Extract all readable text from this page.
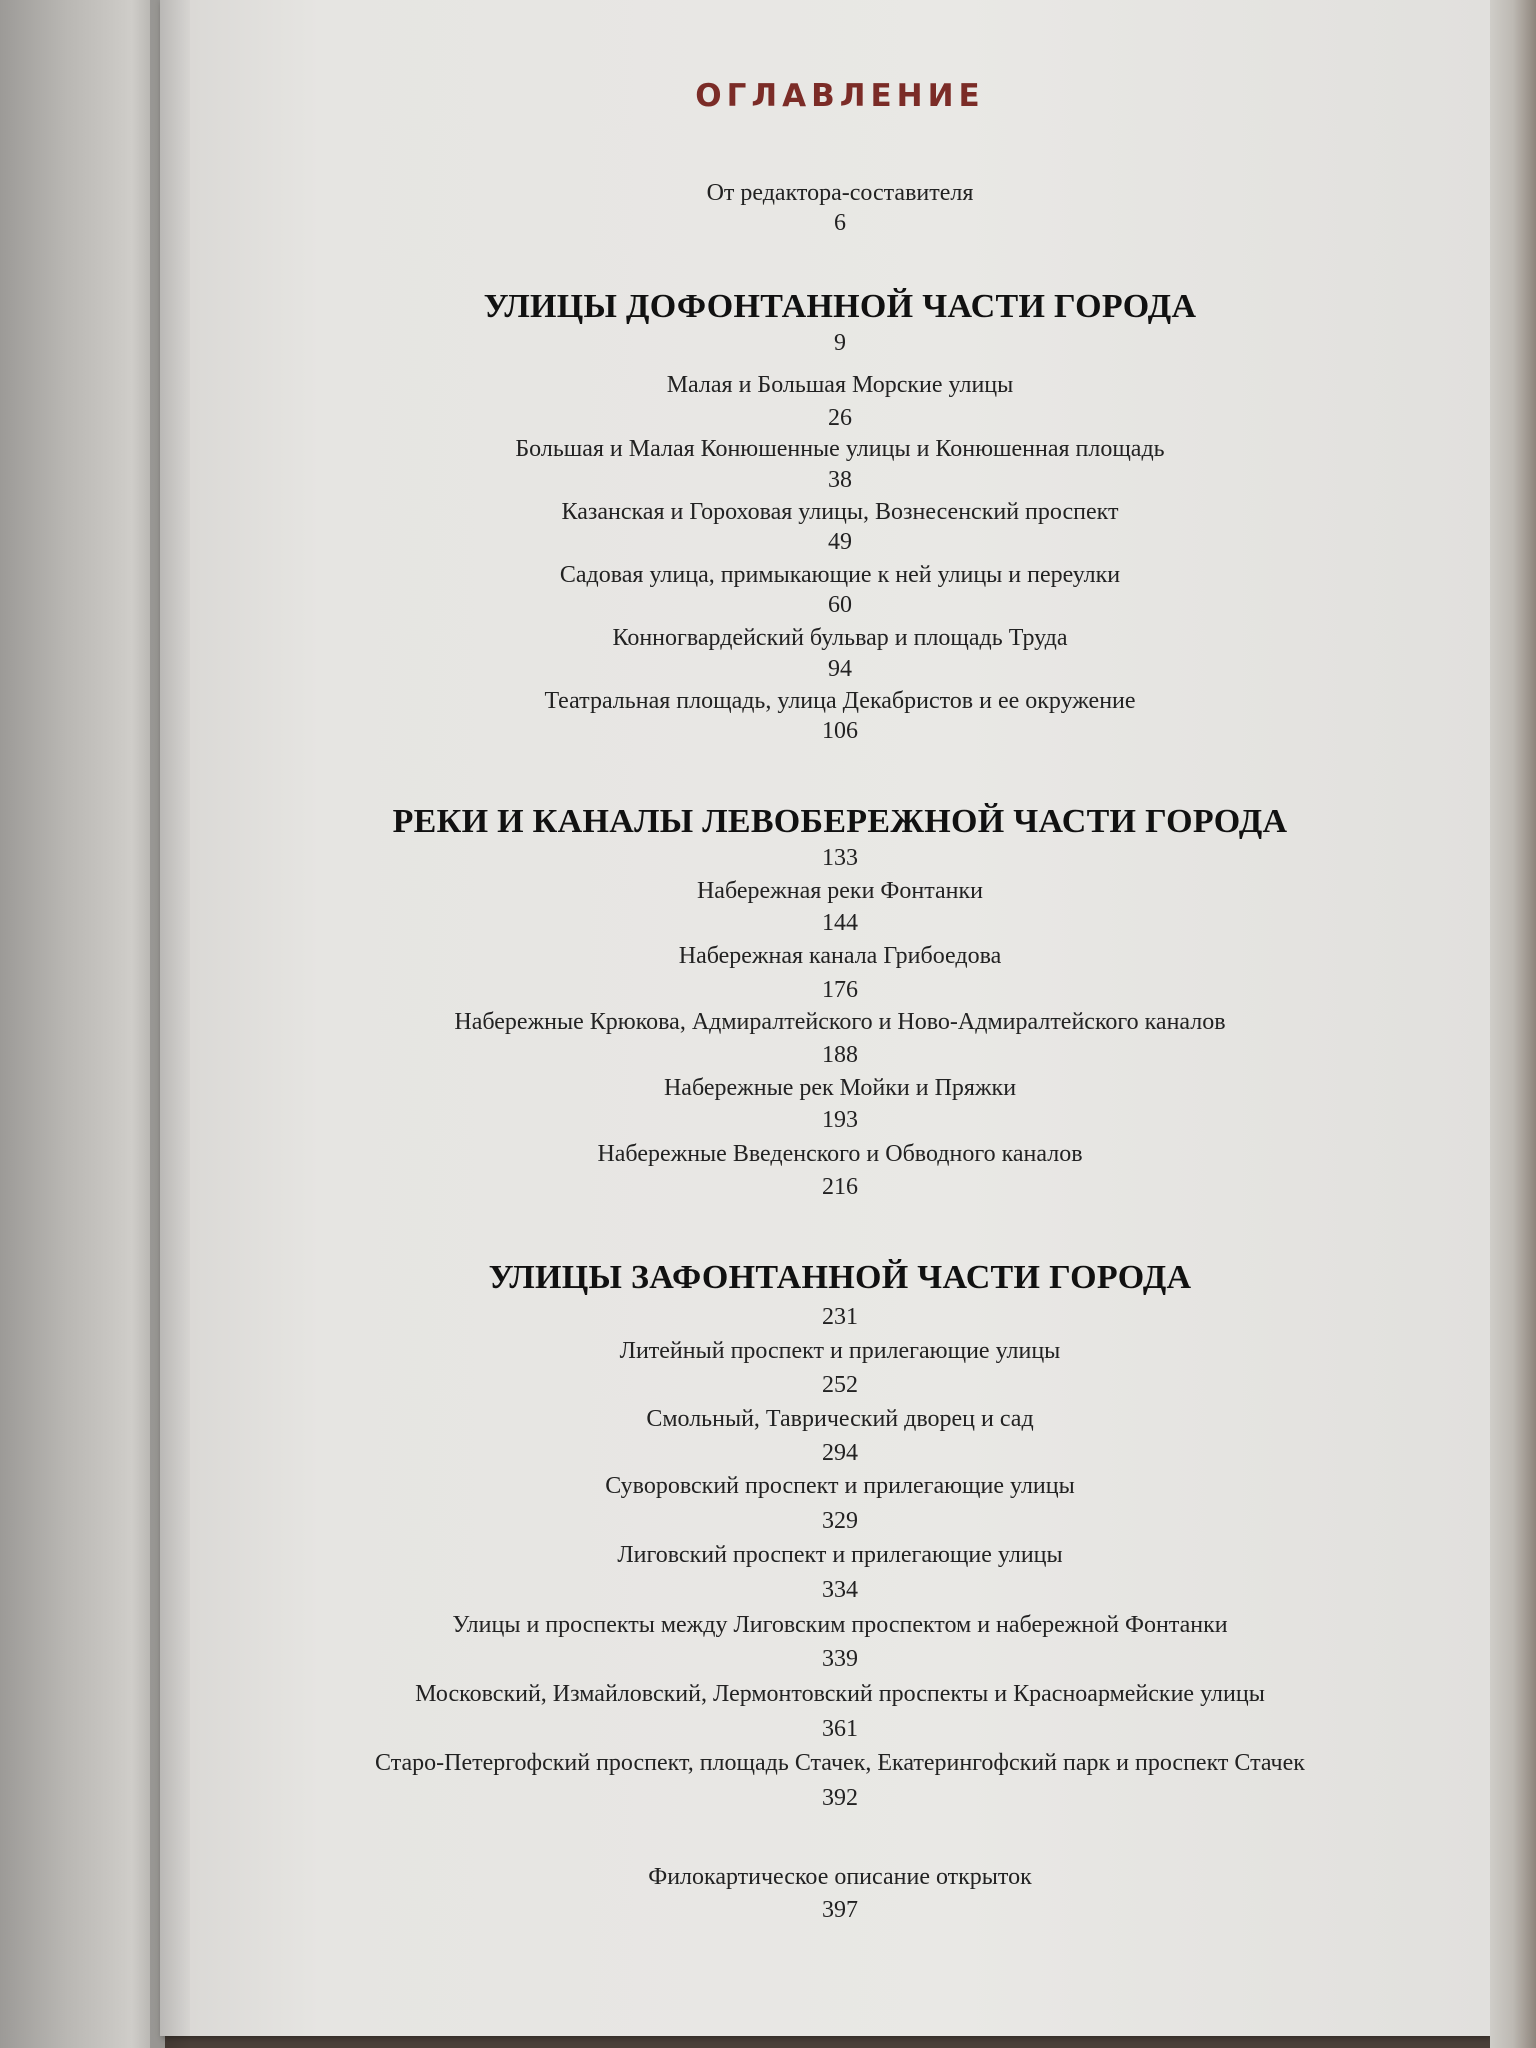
ОГЛАВЛЕНИЕ
От редактора-составителя
6
УЛИЦЫ ДОФОНТАННОЙ ЧАСТИ ГОРОДА
9
Малая и Большая Морские улицы
26
Большая и Малая Конюшенные улицы и Конюшенная площадь
38
Казанская и Гороховая улицы, Вознесенский проспект
49
Садовая улица, примыкающие к ней улицы и переулки
60
Конногвардейский бульвар и площадь Труда
94
Театральная площадь, улица Декабристов и ее окружение
106
РЕКИ И КАНАЛЫ ЛЕВОБЕРЕЖНОЙ ЧАСТИ ГОРОДА
133
Набережная реки Фонтанки
144
Набережная канала Грибоедова
176
Набережные Крюкова, Адмиралтейского и Ново-Адмиралтейского каналов
188
Набережные рек Мойки и Пряжки
193
Набережные Введенского и Обводного каналов
216
УЛИЦЫ ЗАФОНТАННОЙ ЧАСТИ ГОРОДА
231
Литейный проспект и прилегающие улицы
252
Смольный, Таврический дворец и сад
294
Суворовский проспект и прилегающие улицы
329
Лиговский проспект и прилегающие улицы
334
Улицы и проспекты между Лиговским проспектом и набережной Фонтанки
339
Московский, Измайловский, Лермонтовский проспекты и Красноармейские улицы
361
Старо-Петергофский проспект, площадь Стачек, Екатерингофский парк и проспект Стачек
392
Филокартическое описание открыток
397
